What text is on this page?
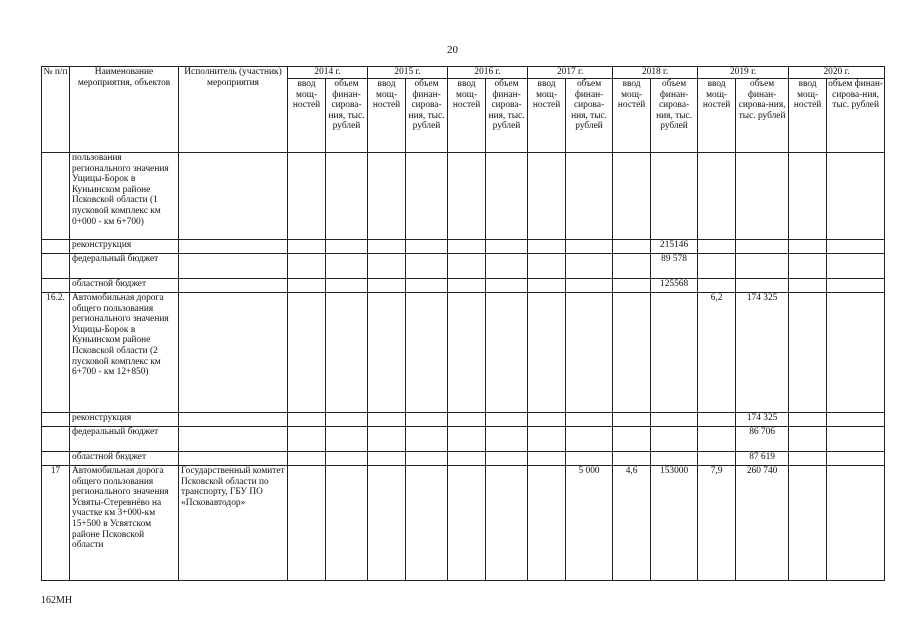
20
№ п/п	Наименование мероприятия, объектов	Исполнитель (участник) мероприятия	2014 г.		2015 г.		2016 г.		2017 г.		2018 г.		2019 г.		2020 г.	
			ввод мощ-ностей	объем финан-сирова-ния, тыс. рублей	ввод мощ-ностей	объем финан-сирова-ния, тыс. рублей	ввод мощ-ностей	объем финан-сирова-ния, тыс. рублей	ввод мощ-ностей	объем финан-сирова-ния, тыс. рублей	ввод мощ-ностей	объем финан-сирова-ния, тыс. рублей	ввод мощ-ностей	объем финан-сирова-ния, тыс. рублей	ввод мощ-ностей	объем финан-сирова-ния, тыс. рублей
	пользования регионального значения Ущицы-Борок в Куньинском районе Псковской области (1 пусковой комплекс км 0+000 - км 6+700)															
	реконструкция											215146				
	федеральный бюджет											89 578				
	областной бюджет											125568				
16.2.	Автомобильная дорога общего пользования регионального значения Ущицы-Борок в Куньинском районе Псковской области (2 пусковой комплекс км 6+700 - км 12+850)												6,2	174 325		
	реконструкция													174 325		
	федеральный бюджет													86 706		
	областной бюджет													87 619		
17	Автомобильная дорога общего пользования регионального значения Усвяты-Стеревнёво на участке км 3+000-км 15+500 в Усвятском районе Псковской области	Государственный комитет Псковской области по транспорту, ГБУ ПО «Псковавтодор»								5 000	4,6	153000	7,9	260 740		
162МН
